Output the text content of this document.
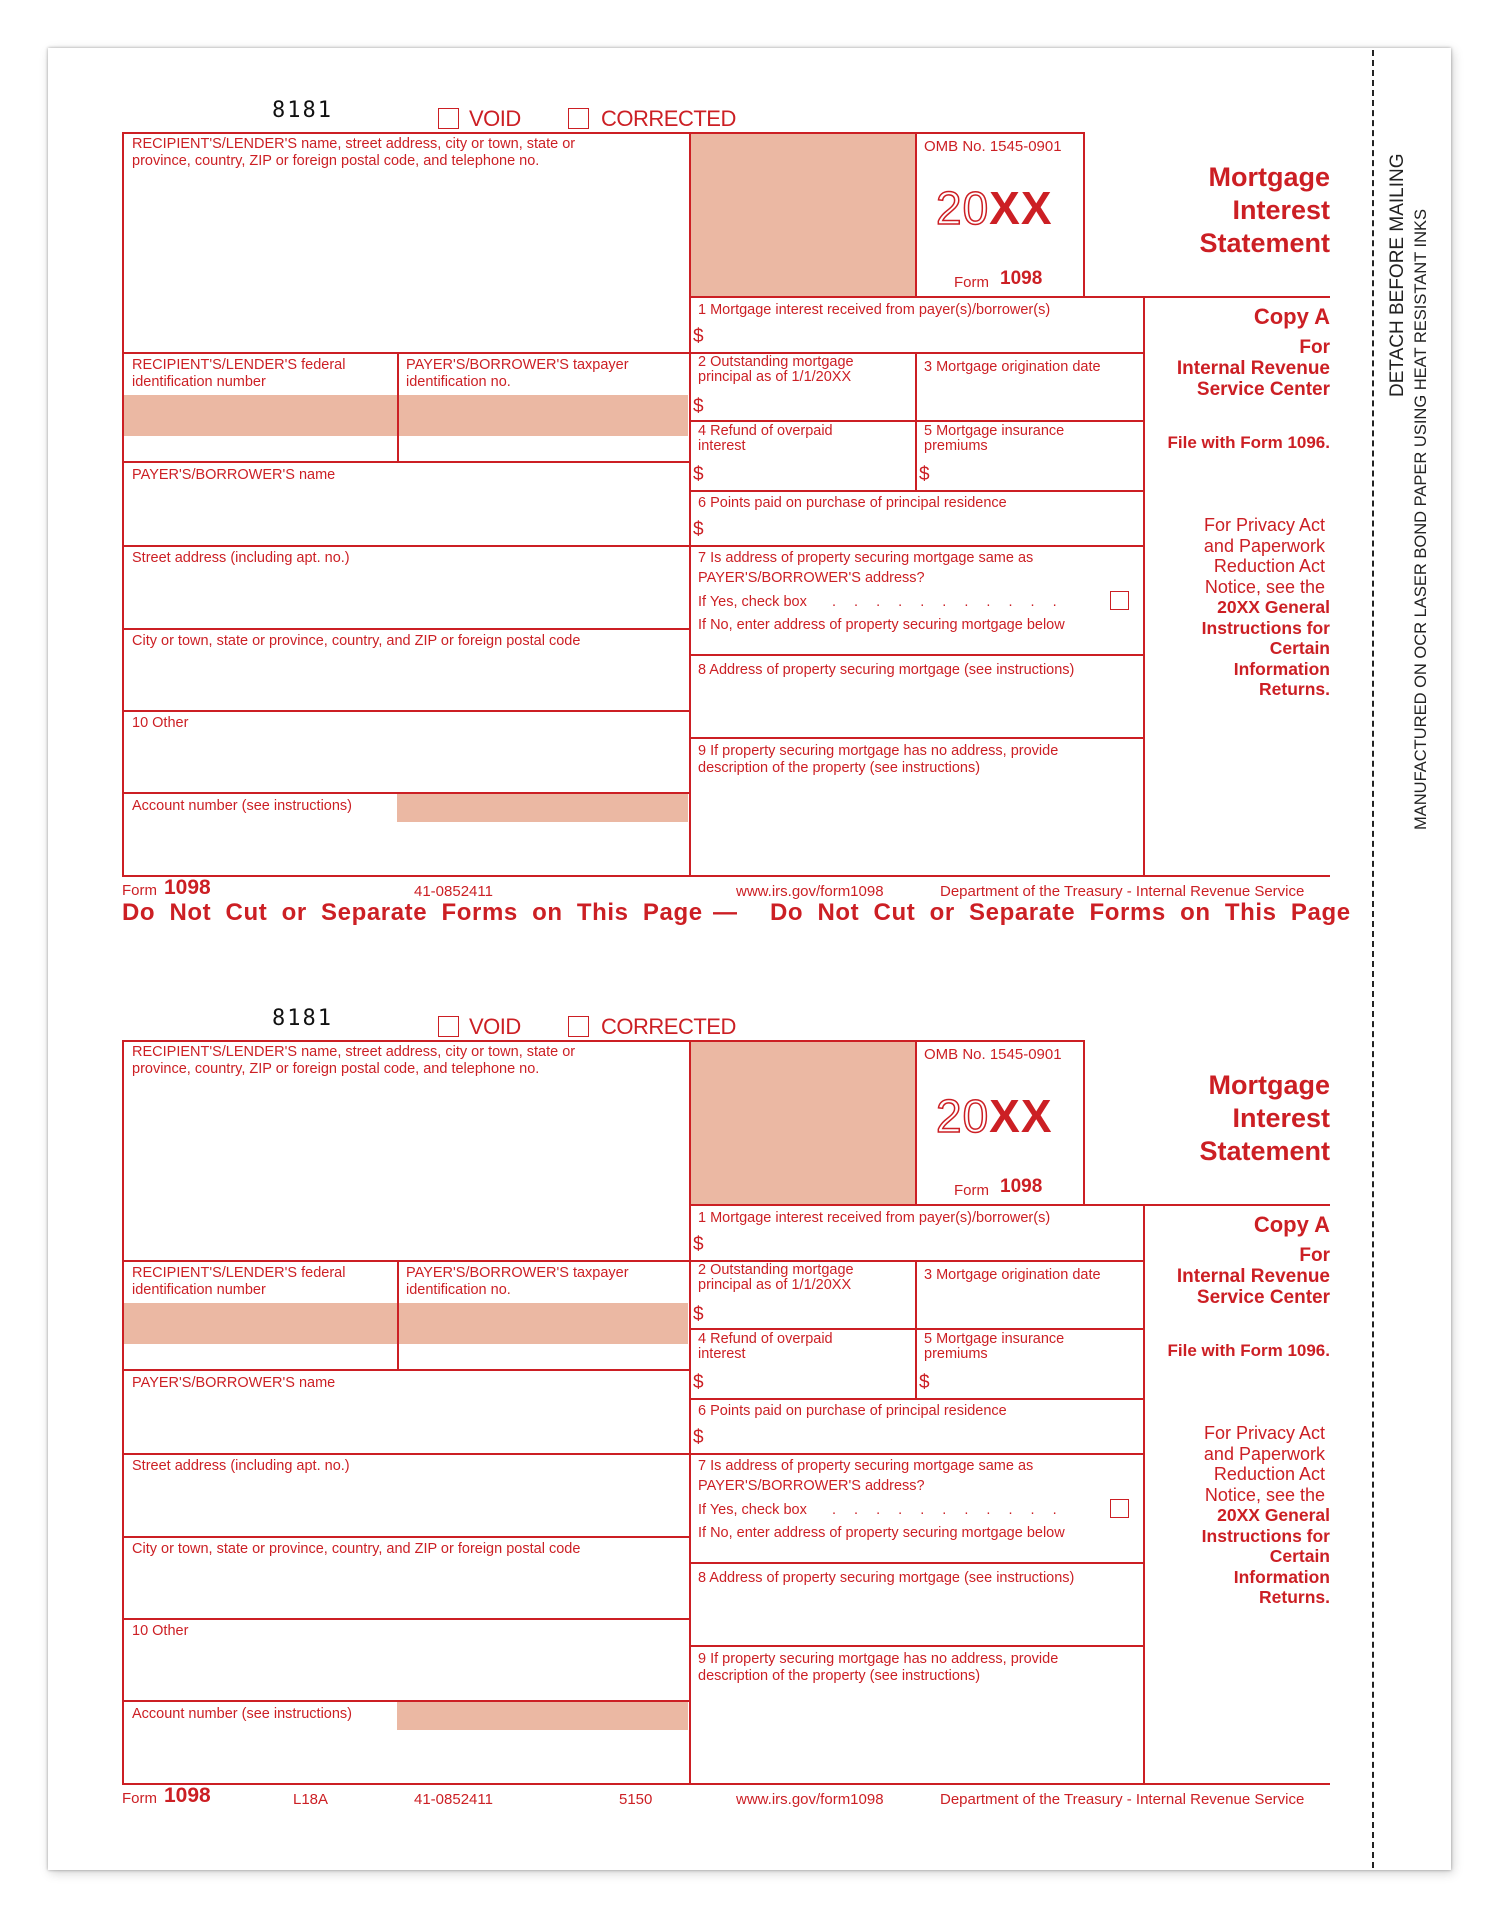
DETACH BEFORE MAILING MANUFACTURED ON OCR LASER BOND PAPER USING HEAT RESISTANT INKS
8181	VOID	CORRECTED
RECIPIENT'S/LENDER'S name, street address, city or town, state or
province, country, ZIP or foreign postal code, and telephone no.
OMB No. 1545-0901
20XX
Form 1098
Mortgage
Interest
Statement
1 Mortgage interest received from payer(s)/borrower(s)
$
RECIPIENT'S/LENDER'S federal
identification number
PAYER'S/BORROWER'S taxpayer
identification no.
2 Outstanding mortgage
principal as of 1/1/20XX
$
3 Mortgage origination date
4 Refund of overpaid
interest
$
5 Mortgage insurance
premiums
$
PAYER'S/BORROWER'S name
6 Points paid on purchase of principal residence
$
Street address (including apt. no.)	7 Is address of property securing mortgage same as
PAYER'S/BORROWER'S address?
If Yes, check box . . . . . . . . . . .
If No, enter address of property securing mortgage below
City or town, state or province, country, and ZIP or foreign postal code
8 Address of property securing mortgage (see instructions)
10 Other
9 If property securing mortgage has no address, provide
description of the property (see instructions)
Account number (see instructions)
Copy A
For
Internal Revenue
Service Center
File with Form 1096.
For Privacy Act
and Paperwork
Reduction Act
Notice, see the
20XX General
Instructions for
Certain
Information
Returns.
Form 1098	41-0852411	www.irs.gov/form1098	Department of the Treasury - Internal Revenue Service
Do Not Cut or Separate Forms on This Page — Do Not Cut or Separate Forms on This Page
8181	VOID	CORRECTED
RECIPIENT'S/LENDER'S name, street address, city or town, state or
province, country, ZIP or foreign postal code, and telephone no.
OMB No. 1545-0901
20XX
Form 1098
Mortgage
Interest
Statement
1 Mortgage interest received from payer(s)/borrower(s)
$
RECIPIENT'S/LENDER'S federal
identification number
PAYER'S/BORROWER'S taxpayer
identification no.
2 Outstanding mortgage
principal as of 1/1/20XX
$
3 Mortgage origination date
4 Refund of overpaid
interest
$
5 Mortgage insurance
premiums
$
PAYER'S/BORROWER'S name
6 Points paid on purchase of principal residence
$
Street address (including apt. no.)	7 Is address of property securing mortgage same as
PAYER'S/BORROWER'S address?
If Yes, check box . . . . . . . . . . .
If No, enter address of property securing mortgage below
City or town, state or province, country, and ZIP or foreign postal code
8 Address of property securing mortgage (see instructions)
10 Other
9 If property securing mortgage has no address, provide
description of the property (see instructions)
Account number (see instructions)
Copy A
For
Internal Revenue
Service Center
File with Form 1096.
For Privacy Act
and Paperwork
Reduction Act
Notice, see the
20XX General
Instructions for
Certain
Information
Returns.
Form 1098	L18A	41-0852411	5150	www.irs.gov/form1098	Department of the Treasury - Internal Revenue Service
